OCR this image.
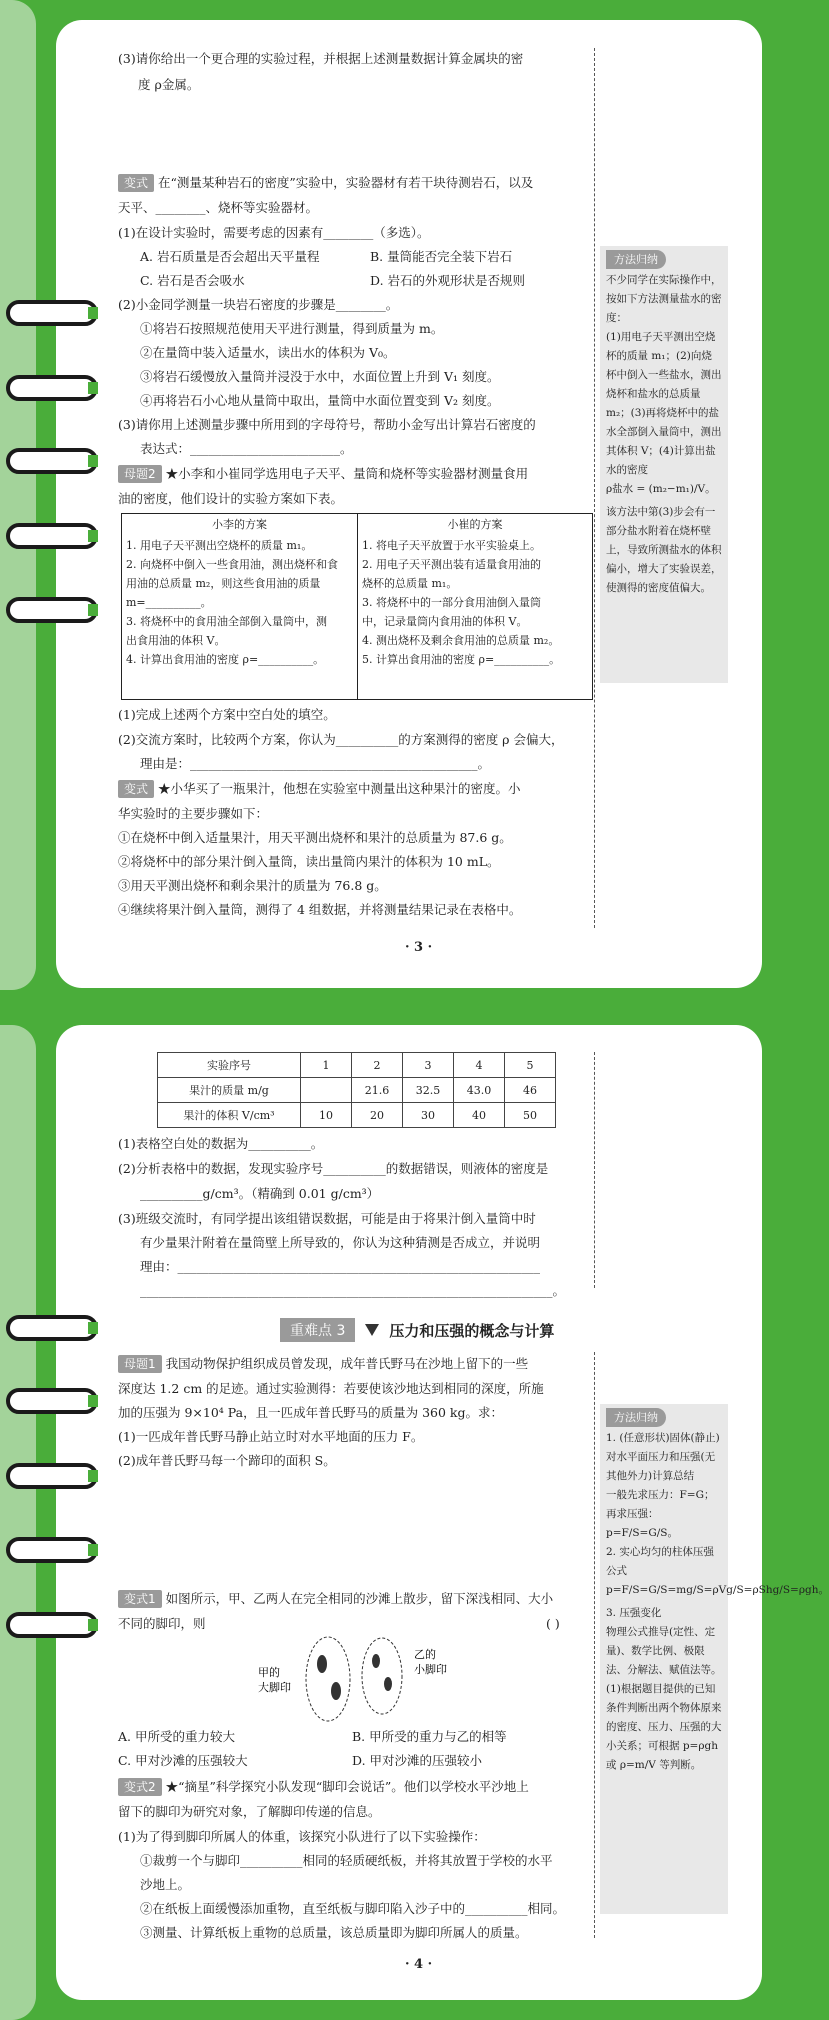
(3)请你给出一个更合理的实验过程，并根据上述测量数据计算金属块的密
度 ρ金属。
变式 在“测量某种岩石的密度”实验中，实验器材有若干块待测岩石，以及
天平、________、烧杯等实验器材。
(1)在设计实验时，需要考虑的因素有________（多选）。
A. 岩石质量是否会超出天平量程	B. 量筒能否完全装下岩石
C. 岩石是否会吸水	D. 岩石的外观形状是否规则
(2)小金同学测量一块岩石密度的步骤是________。
①将岩石按照规范使用天平进行测量，得到质量为 m。
②在量筒中装入适量水，读出水的体积为 V₀。
③将岩石缓慢放入量筒并浸没于水中，水面位置上升到 V₁ 刻度。
④再将岩石小心地从量筒中取出，量筒中水面位置变到 V₂ 刻度。
(3)请你用上述测量步骤中所用到的字母符号，帮助小金写出计算岩石密度的
表达式：________________________。
母题2 ★小李和小崔同学选用电子天平、量筒和烧杯等实验器材测量食用
油的密度，他们设计的实验方案如下表。
小李的方案
1. 用电子天平测出空烧杯的质量 m₁。
2. 向烧杯中倒入一些食用油，测出烧杯和食
用油的总质量 m₂，则这些食用油的质量
m=__________。
3. 将烧杯中的食用油全部倒入量筒中，测
出食用油的体积 V。
4. 计算出食用油的密度 ρ=__________。
小崔的方案
1. 将电子天平放置于水平实验桌上。
2. 用电子天平测出装有适量食用油的
烧杯的总质量 m₁。
3. 将烧杯中的一部分食用油倒入量筒
中，记录量筒内食用油的体积 V。
4. 测出烧杯及剩余食用油的总质量 m₂。
5. 计算出食用油的密度 ρ=__________。
(1)完成上述两个方案中空白处的填空。
(2)交流方案时，比较两个方案，你认为__________的方案测得的密度 ρ 会偏大，
理由是：______________________________________________。
变式 ★小华买了一瓶果汁，他想在实验室中测量出这种果汁的密度。小
华实验时的主要步骤如下：
①在烧杯中倒入适量果汁，用天平测出烧杯和果汁的总质量为 87.6 g。
②将烧杯中的部分果汁倒入量筒，读出量筒内果汁的体积为 10 mL。
③用天平测出烧杯和剩余果汁的质量为 76.8 g。
④继续将果汁倒入量筒，测得了 4 组数据，并将测量结果记录在表格中。
· 3 ·
方法归纳
不少同学在实际操作中，按如下方法测量盐水的密度：
(1)用电子天平测出空烧杯的质量 m₁；(2)向烧杯中倒入一些盐水，测出烧杯和盐水的总质量 m₂；(3)再将烧杯中的盐水全部倒入量筒中，测出其体积 V；(4)计算出盐水的密度
ρ盐水 = (m₂−m₁)/V。
该方法中第(3)步会有一部分盐水附着在烧杯壁上，导致所测盐水的体积偏小，增大了实验误差，使测得的密度值偏大。
实验序号	1	2	3	4	5
果汁的质量 m/g		21.6	32.5	43.0	46
果汁的体积 V/cm³	10	20	30	40	50
(1)表格空白处的数据为__________。
(2)分析表格中的数据，发现实验序号__________的数据错误，则液体的密度是
__________g/cm³。（精确到 0.01 g/cm³）
(3)班级交流时，有同学提出该组错误数据，可能是由于将果汁倒入量筒中时
有少量果汁附着在量筒壁上所导致的，你认为这种猜测是否成立，并说明
理由：__________________________________________________________
__________________________________________________________________。
重难点 3	压力和压强的概念与计算
母题1 我国动物保护组织成员曾发现，成年普氏野马在沙地上留下的一些
深度达 1.2 cm 的足迹。通过实验测得：若要使该沙地达到相同的深度，所施
加的压强为 9×10⁴ Pa，且一匹成年普氏野马的质量为 360 kg。求：
(1)一匹成年普氏野马静止站立时对水平地面的压力 F。
(2)成年普氏野马每一个蹄印的面积 S。
变式1 如图所示，甲、乙两人在完全相同的沙滩上散步，留下深浅相同、大小
不同的脚印，则	( )
甲的
大脚印
乙的
小脚印
A. 甲所受的重力较大	B. 甲所受的重力与乙的相等
C. 甲对沙滩的压强较大	D. 甲对沙滩的压强较小
变式2 ★“摘星”科学探究小队发现“脚印会说话”。他们以学校水平沙地上
留下的脚印为研究对象，了解脚印传递的信息。
(1)为了得到脚印所属人的体重，该探究小队进行了以下实验操作：
①裁剪一个与脚印__________相同的轻质硬纸板，并将其放置于学校的水平
沙地上。
②在纸板上面缓慢添加重物，直至纸板与脚印陷入沙子中的__________相同。
③测量、计算纸板上重物的总质量，该总质量即为脚印所属人的质量。
· 4 ·
方法归纳
1. (任意形状)固体(静止)对水平面压力和压强(无其他外力)计算总结
一般先求压力：F=G；
再求压强：p=F/S=G/S。
2. 实心均匀的柱体压强公式
p=F/S=G/S=mg/S=ρVg/S=ρShg/S=ρgh。
3. 压强变化
物理公式推导(定性、定量)、数学比例、极限法、分解法、赋值法等。
(1)根据题目提供的已知条件判断出两个物体原来的密度、压力、压强的大小关系；可根据 p=ρgh 或 ρ=m/V 等判断。
